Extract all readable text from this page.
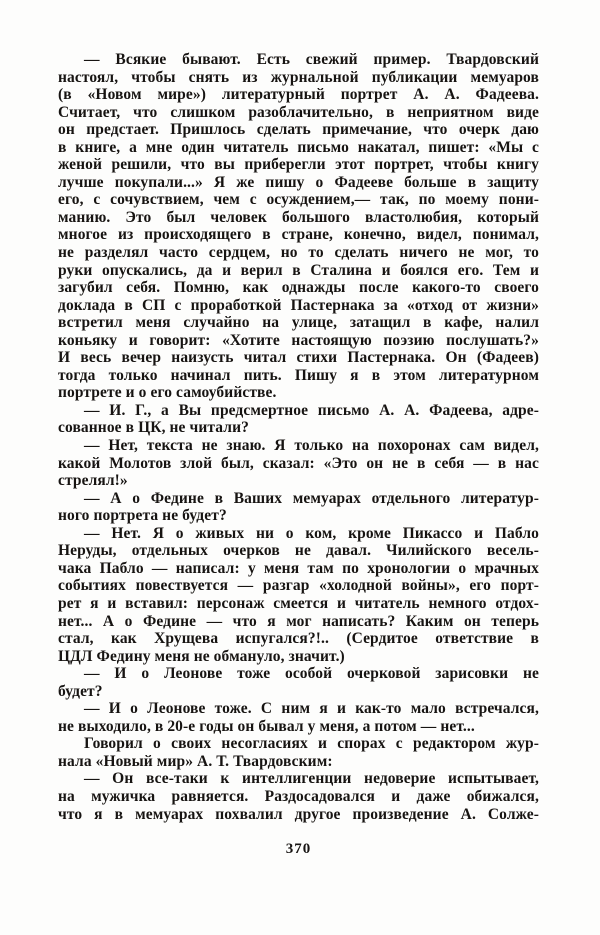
— Всякие бывают. Есть свежий пример. Твардовский
настоял, чтобы снять из журнальной публикации мемуаров
(в «Новом мире») литературный портрет А. А. Фадеева.
Считает, что слишком разоблачительно, в неприятном виде
он предстает. Пришлось сделать примечание, что очерк даю
в книге, а мне один читатель письмо накатал, пишет: «Мы с
женой решили, что вы приберегли этот портрет, чтобы книгу
лучше покупали...» Я же пишу о Фадееве больше в защиту
его, с сочувствием, чем с осуждением,— так, по моему пони-
манию. Это был человек большого властолюбия, который
многое из происходящего в стране, конечно, видел, понимал,
не разделял часто сердцем, но то сделать ничего не мог, то
руки опускались, да и верил в Сталина и боялся его. Тем и
загубил себя. Помню, как однажды после какого-то своего
доклада в СП с проработкой Пастернака за «отход от жизни»
встретил меня случайно на улице, затащил в кафе, налил
коньяку и говорит: «Хотите настоящую поэзию послушать?»
И весь вечер наизусть читал стихи Пастернака. Он (Фадеев)
тогда только начинал пить. Пишу я в этом литературном
портрете и о его самоубийстве.
— И. Г., а Вы предсмертное письмо А. А. Фадеева, адре-
сованное в ЦК, не читали?
— Нет, текста не знаю. Я только на похоронах сам видел,
какой Молотов злой был, сказал: «Это он не в себя — в нас
стрелял!»
— А о Федине в Ваших мемуарах отдельного литератур-
ного портрета не будет?
— Нет. Я о живых ни о ком, кроме Пикассо и Пабло
Неруды, отдельных очерков не давал. Чилийского весель-
чака Пабло — написал: у меня там по хронологии о мрачных
событиях повествуется — разгар «холодной войны», его порт-
рет я и вставил: персонаж смеется и читатель немного отдох-
нет... А о Федине — что я мог написать? Каким он теперь
стал, как Хрущева испугался?!.. (Сердитое ответствие в
ЦДЛ Федину меня не обмануло, значит.)
— И о Леонове тоже особой очерковой зарисовки не
будет?
— И о Леонове тоже. С ним я и как-то мало встречался,
не выходило, в 20-е годы он бывал у меня, а потом — нет...
Говорил о своих несогласиях и спорах с редактором жур-
нала «Новый мир» А. Т. Твардовским:
— Он все-таки к интеллигенции недоверие испытывает,
на мужичка равняется. Раздосадовался и даже обижался,
что я в мемуарах похвалил другое произведение А. Солже-
370
